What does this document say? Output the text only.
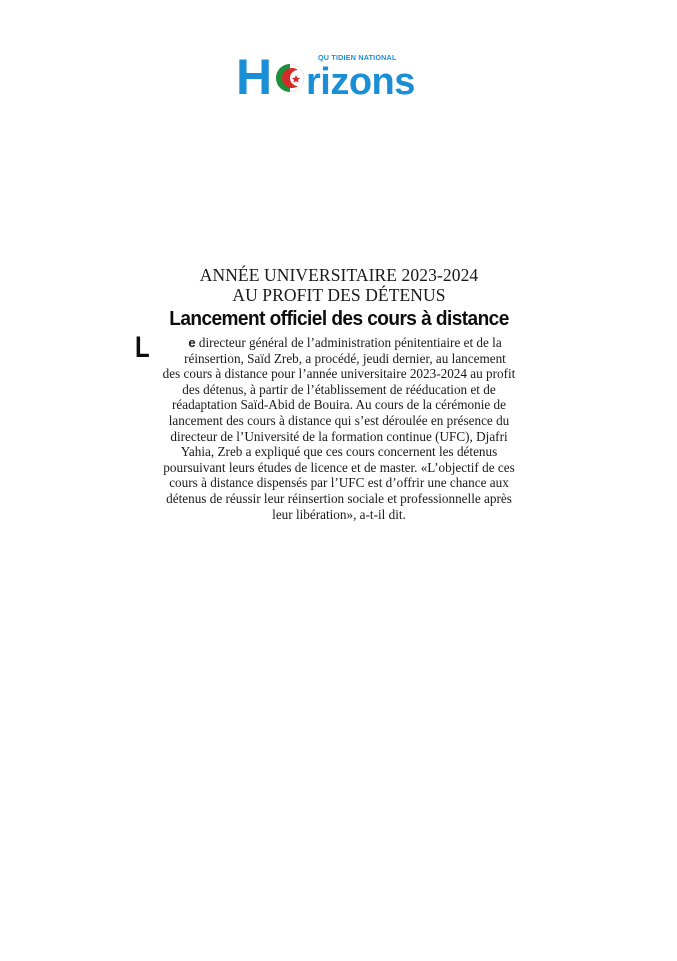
H rizons
QU TIDIEN NATIONAL

ANNÉE UNIVERSITAIRE 2023-2024

AU PROFIT DES DÉTENUS

Lancement officiel des cours à distance
L	e directeur général de l’administration pénitentiaire et de la
réinsertion, Saïd Zreb, a procédé, jeudi dernier, au lancement
des cours à distance pour l’année universitaire 2023-2024 au profit
des détenus, à partir de l’établissement de rééducation et de
réadaptation Saïd-Abid de Bouira. Au cours de la cérémonie de
lancement des cours à distance qui s’est déroulée en présence du
directeur de l’Université de la formation continue (UFC), Djafri
Yahia, Zreb a expliqué que ces cours concernent les détenus
poursuivant leurs études de licence et de master. «L’objectif de ces
cours à distance dispensés par l’UFC est d’offrir une chance aux
détenus de réussir leur réinsertion sociale et professionnelle après
leur libération», a-t-il dit.
